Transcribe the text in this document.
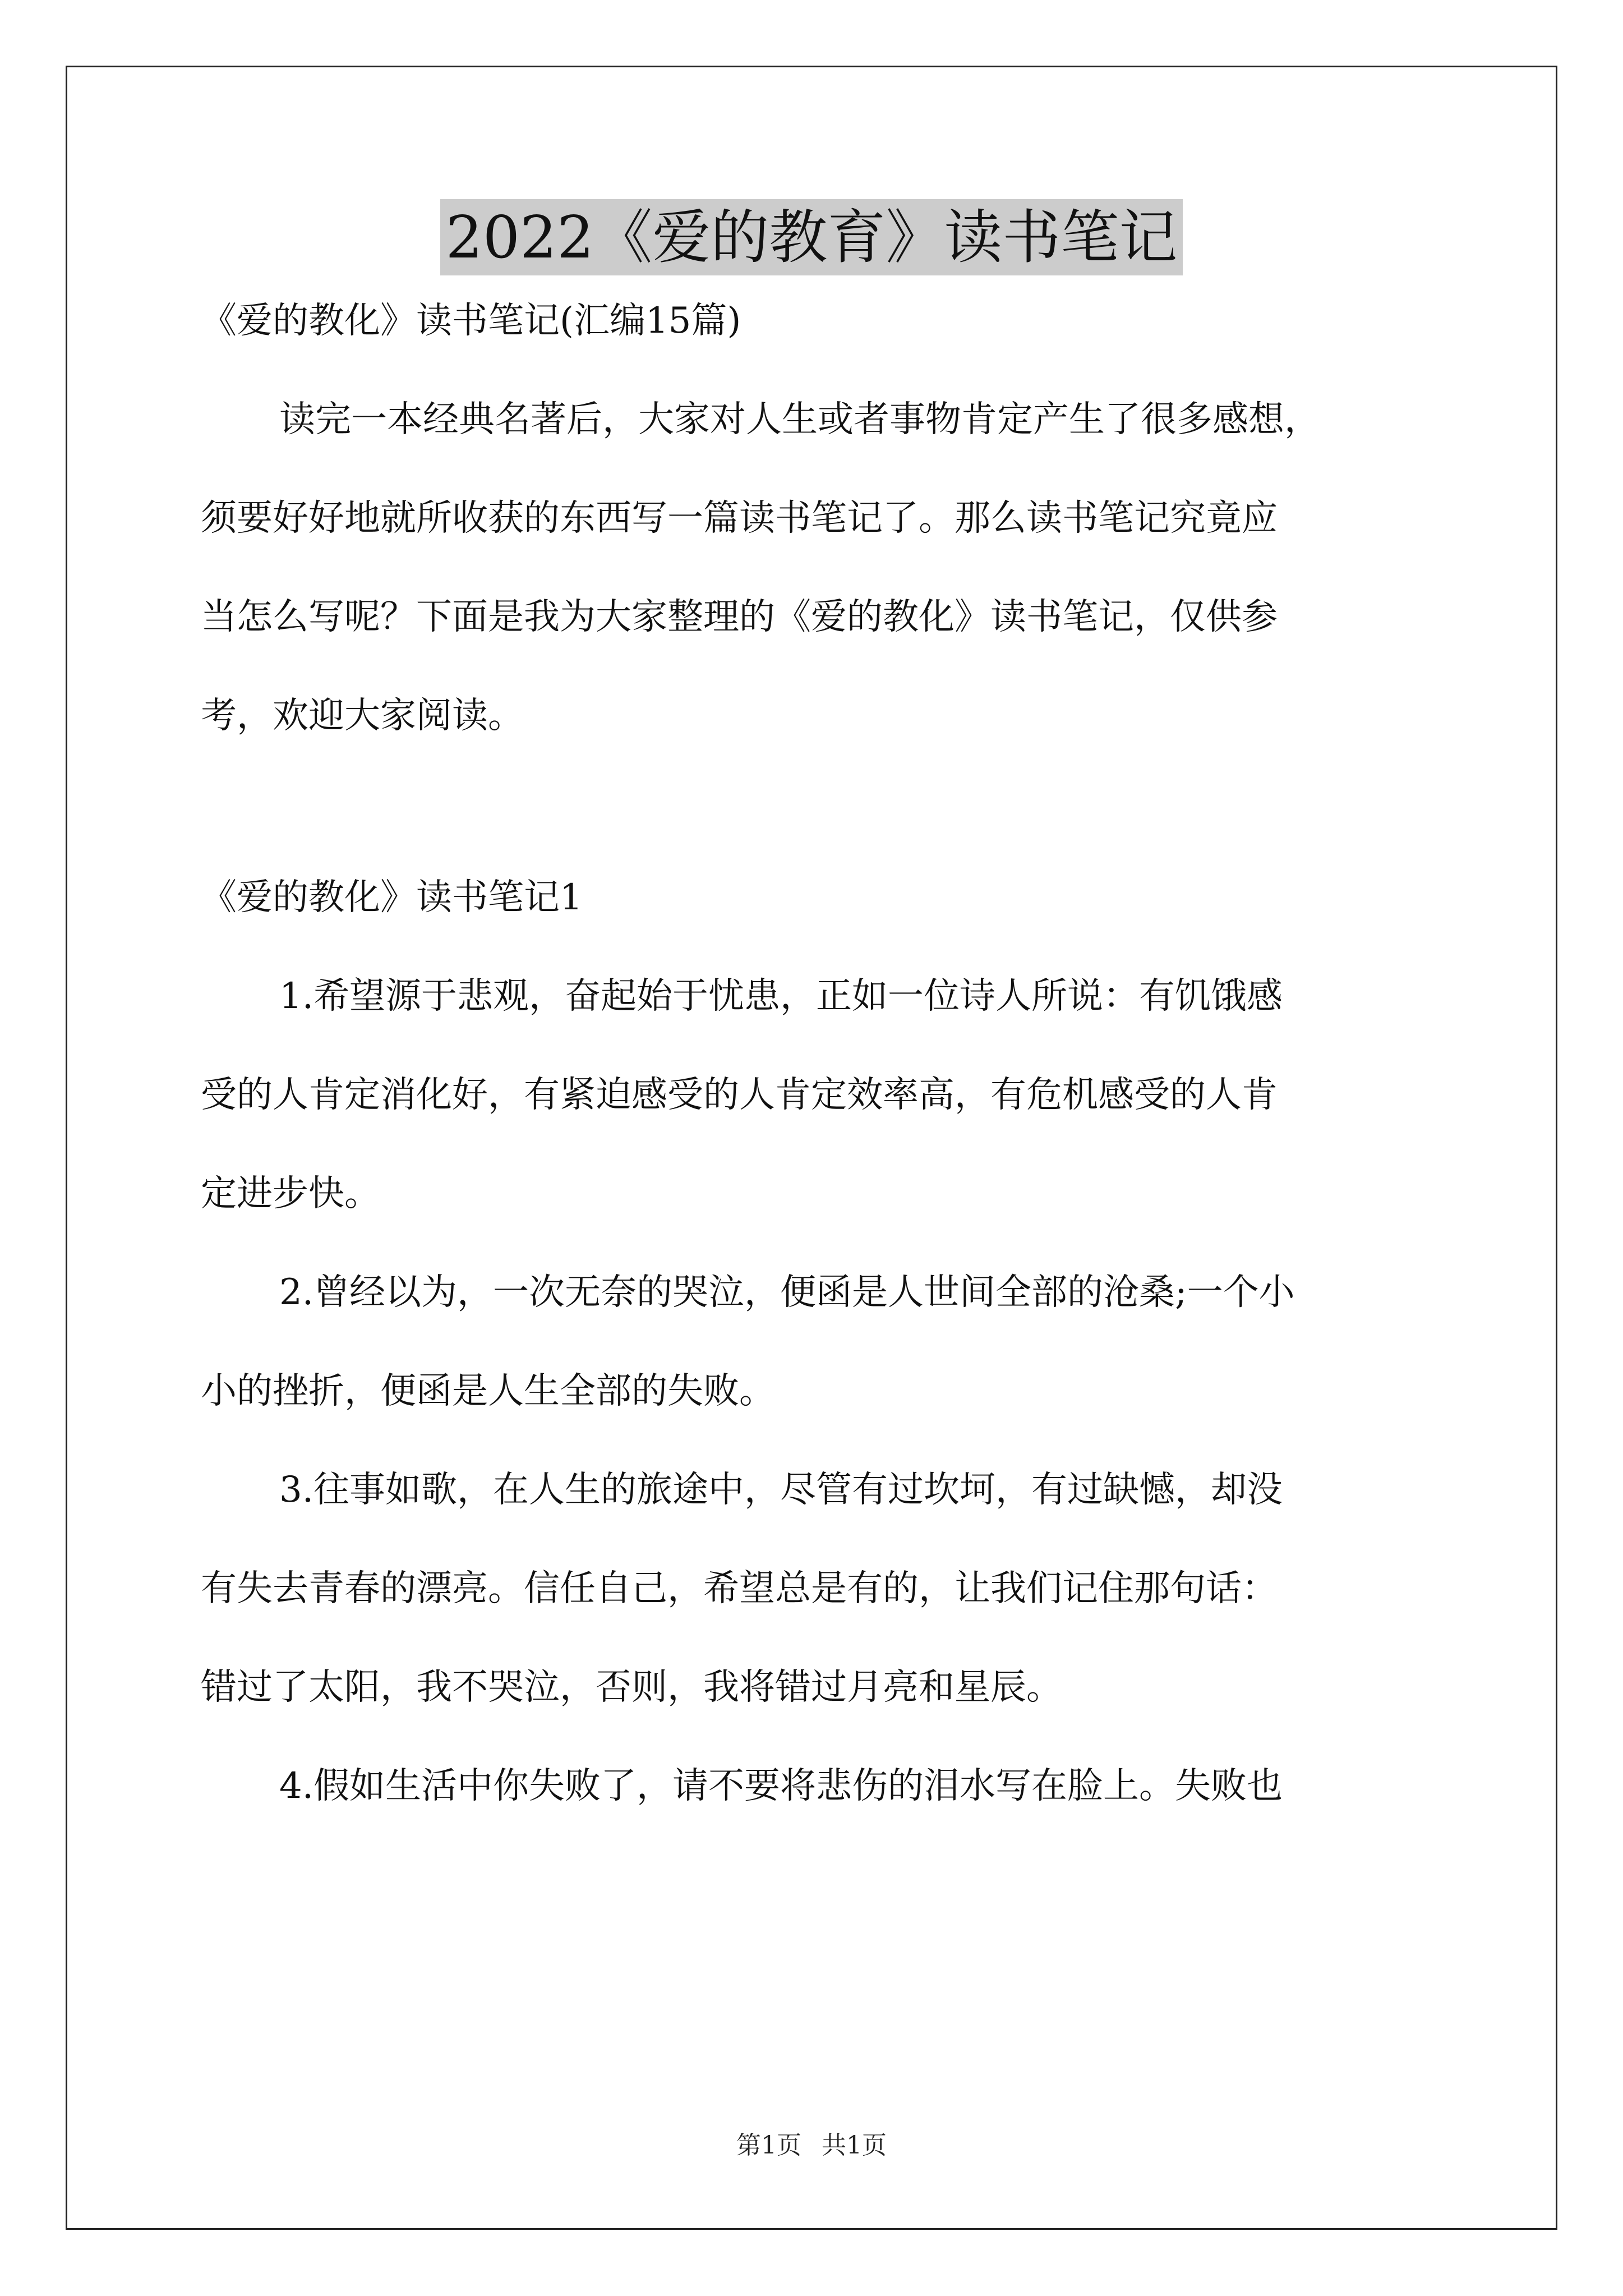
2022《爱的教育》读书笔记

《爱的教化》读书笔记(汇编15篇)

读完一本经典名著后，大家对人生或者事物肯定产生了很多感想，

须要好好地就所收获的东西写一篇读书笔记了。那么读书笔记究竟应

当怎么写呢？下面是我为大家整理的《爱的教化》读书笔记，仅供参

考，欢迎大家阅读。

《爱的教化》读书笔记1

1.希望源于悲观，奋起始于忧患，正如一位诗人所说：有饥饿感

受的人肯定消化好，有紧迫感受的人肯定效率高，有危机感受的人肯

定进步快。

2.曾经以为，一次无奈的哭泣，便函是人世间全部的沧桑;一个小

小的挫折，便函是人生全部的失败。

3.往事如歌，在人生的旅途中，尽管有过坎坷，有过缺憾，却没

有失去青春的漂亮。信任自己，希望总是有的，让我们记住那句话：

错过了太阳，我不哭泣，否则，我将错过月亮和星辰。

4.假如生活中你失败了，请不要将悲伤的泪水写在脸上。失败也

第1页 共1页
